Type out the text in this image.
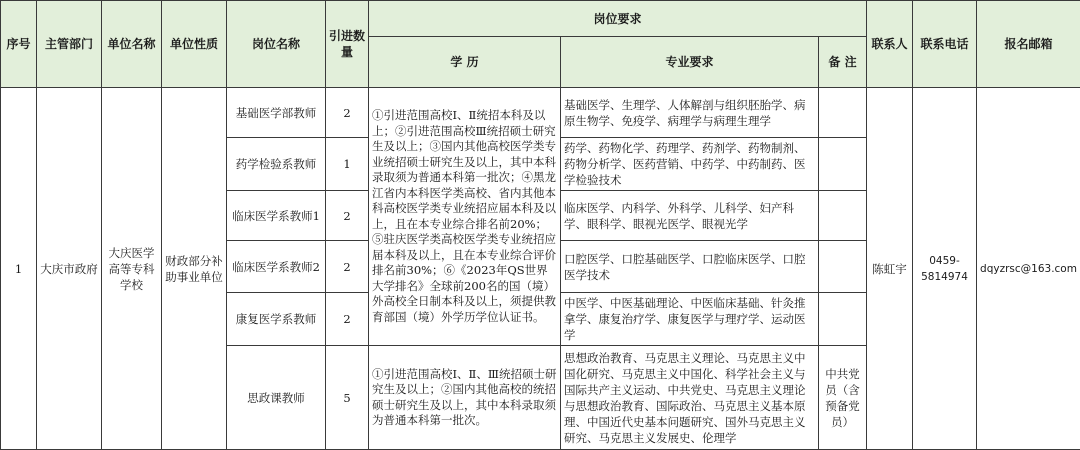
序号	主管部门	单位名称	单位性质	岗位名称	引进数量	岗位要求			联系人	联系电话	报名邮箱
						学 历	专业要求	备 注			
1	大庆市政府	大庆医学高等专科学校	财政部分补助事业单位	基础医学部教师	2	①引进范围高校Ⅰ、Ⅱ统招本科及以上；②引进范围高校Ⅲ统招硕士研究生及以上；③国内其他高校医学类专业统招硕士研究生及以上，其中本科录取须为普通本科第一批次；④黑龙江省内本科医学类高校、省内其他本科高校医学类专业统招应届本科及以上，且在本专业综合排名前20%；⑤驻庆医学类高校医学类专业统招应届本科及以上，且在本专业综合评价排名前30%；⑥《2023年QS世界大学排名》全球前200名的国（境）外高校全日制本科及以上，须提供教育部国（境）外学历学位认证书。	基础医学、生理学、人体解剖与组织胚胎学、病原生物学、免疫学、病理学与病理生理学		陈虹宇	0459-5814974	dqyzrsc@163.com
				药学检验系教师	1		药学、药物化学、药理学、药剂学、药物制剂、药物分析学、医药营销、中药学、中药制药、医学检验技术				
				临床医学系教师1	2		临床医学、内科学、外科学、儿科学、妇产科学、眼科学、眼视光医学、眼视光学				
				临床医学系教师2	2		口腔医学、口腔基础医学、口腔临床医学、口腔医学技术				
				康复医学系教师	2		中医学、中医基础理论、中医临床基础、针灸推拿学、康复治疗学、康复医学与理疗学、运动医学				
				思政课教师	5	①引进范围高校Ⅰ、Ⅱ、Ⅲ统招硕士研究生及以上；②国内其他高校的统招硕士研究生及以上，其中本科录取须为普通本科第一批次。	思想政治教育、马克思主义理论、马克思主义中国化研究、马克思主义中国化、科学社会主义与国际共产主义运动、中共党史、马克思主义理论与思想政治教育、国际政治、马克思主义基本原理、中国近代史基本问题研究、国外马克思主义研究、马克思主义发展史、伦理学	中共党员（含预备党员）			
